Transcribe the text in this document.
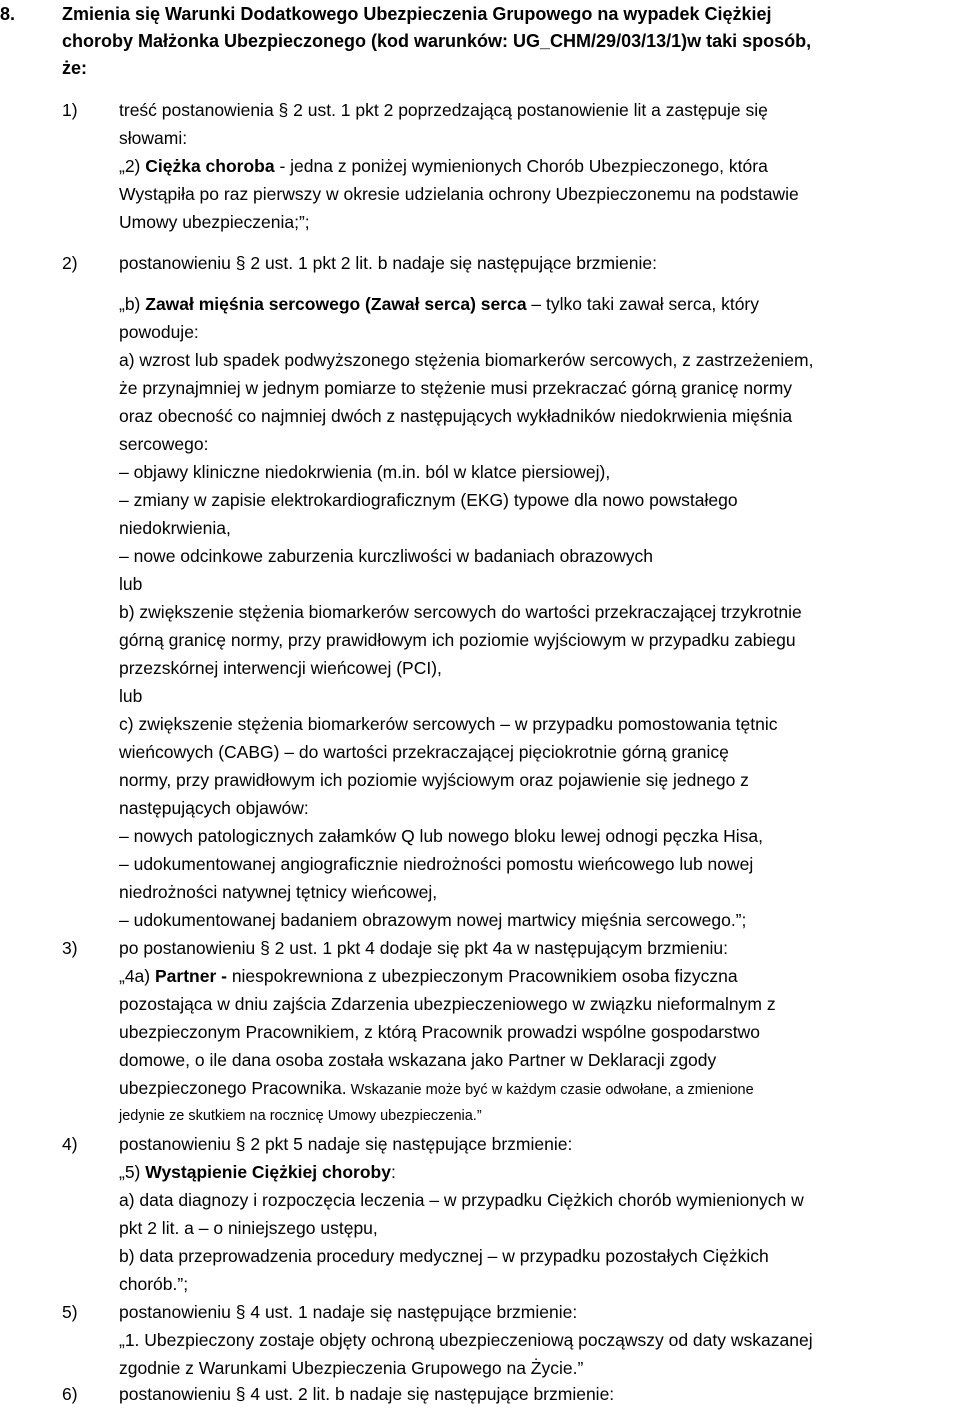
8.	Zmienia się Warunki Dodatkowego Ubezpieczenia Grupowego na wypadek Ciężkiej
choroby Małżonka Ubezpieczonego (kod warunków: UG_CHM/29/03/13/1)w taki sposób,
że:
1) treść postanowienia § 2 ust. 1 pkt 2 poprzedzającą postanowienie lit a zastępuje się
słowami:
„2) Ciężka choroba - jedna z poniżej wymienionych Chorób Ubezpieczonego, która
Wystąpiła po raz pierwszy w okresie udzielania ochrony Ubezpieczonemu na podstawie
Umowy ubezpieczenia;”;
2) postanowieniu § 2 ust. 1 pkt 2 lit. b nadaje się następujące brzmienie:
„b) Zawał mięśnia sercowego (Zawał serca) serca – tylko taki zawał serca, który
powoduje:
a) wzrost lub spadek podwyższonego stężenia biomarkerów sercowych, z zastrzeżeniem,
że przynajmniej w jednym pomiarze to stężenie musi przekraczać górną granicę normy
oraz obecność co najmniej dwóch z następujących wykładników niedokrwienia mięśnia
sercowego:
– objawy kliniczne niedokrwienia (m.in. ból w klatce piersiowej),
– zmiany w zapisie elektrokardiograficznym (EKG) typowe dla nowo powstałego
niedokrwienia,
– nowe odcinkowe zaburzenia kurczliwości w badaniach obrazowych
lub
b) zwiększenie stężenia biomarkerów sercowych do wartości przekraczającej trzykrotnie
górną granicę normy, przy prawidłowym ich poziomie wyjściowym w przypadku zabiegu
przezskórnej interwencji wieńcowej (PCI),
lub
c) zwiększenie stężenia biomarkerów sercowych – w przypadku pomostowania tętnic
wieńcowych (CABG) – do wartości przekraczającej pięciokrotnie górną granicę
normy, przy prawidłowym ich poziomie wyjściowym oraz pojawienie się jednego z
następujących objawów:
– nowych patologicznych załamków Q lub nowego bloku lewej odnogi pęczka Hisa,
– udokumentowanej angiograficznie niedrożności pomostu wieńcowego lub nowej
niedrożności natywnej tętnicy wieńcowej,
– udokumentowanej badaniem obrazowym nowej martwicy mięśnia sercowego.”;
3) po postanowieniu § 2 ust. 1 pkt 4 dodaje się pkt 4a w następującym brzmieniu:
„4a) Partner - niespokrewniona z ubezpieczonym Pracownikiem osoba fizyczna
pozostająca w dniu zajścia Zdarzenia ubezpieczeniowego w związku nieformalnym z
ubezpieczonym Pracownikiem, z którą Pracownik prowadzi wspólne gospodarstwo
domowe, o ile dana osoba została wskazana jako Partner w Deklaracji zgody
ubezpieczonego Pracownika. Wskazanie może być w każdym czasie odwołane, a zmienione
jedynie ze skutkiem na rocznicę Umowy ubezpieczenia.”
4) postanowieniu § 2 pkt 5 nadaje się następujące brzmienie:
„5) Wystąpienie Ciężkiej choroby:
a) data diagnozy i rozpoczęcia leczenia – w przypadku Ciężkich chorób wymienionych w
pkt 2 lit. a – o niniejszego ustępu,
b) data przeprowadzenia procedury medycznej – w przypadku pozostałych Ciężkich
chorób.”;
5) postanowieniu § 4 ust. 1 nadaje się następujące brzmienie:
„1. Ubezpieczony zostaje objęty ochroną ubezpieczeniową począwszy od daty wskazanej
zgodnie z Warunkami Ubezpieczenia Grupowego na Życie.”
6) postanowieniu § 4 ust. 2 lit. b nadaje się następujące brzmienie:
